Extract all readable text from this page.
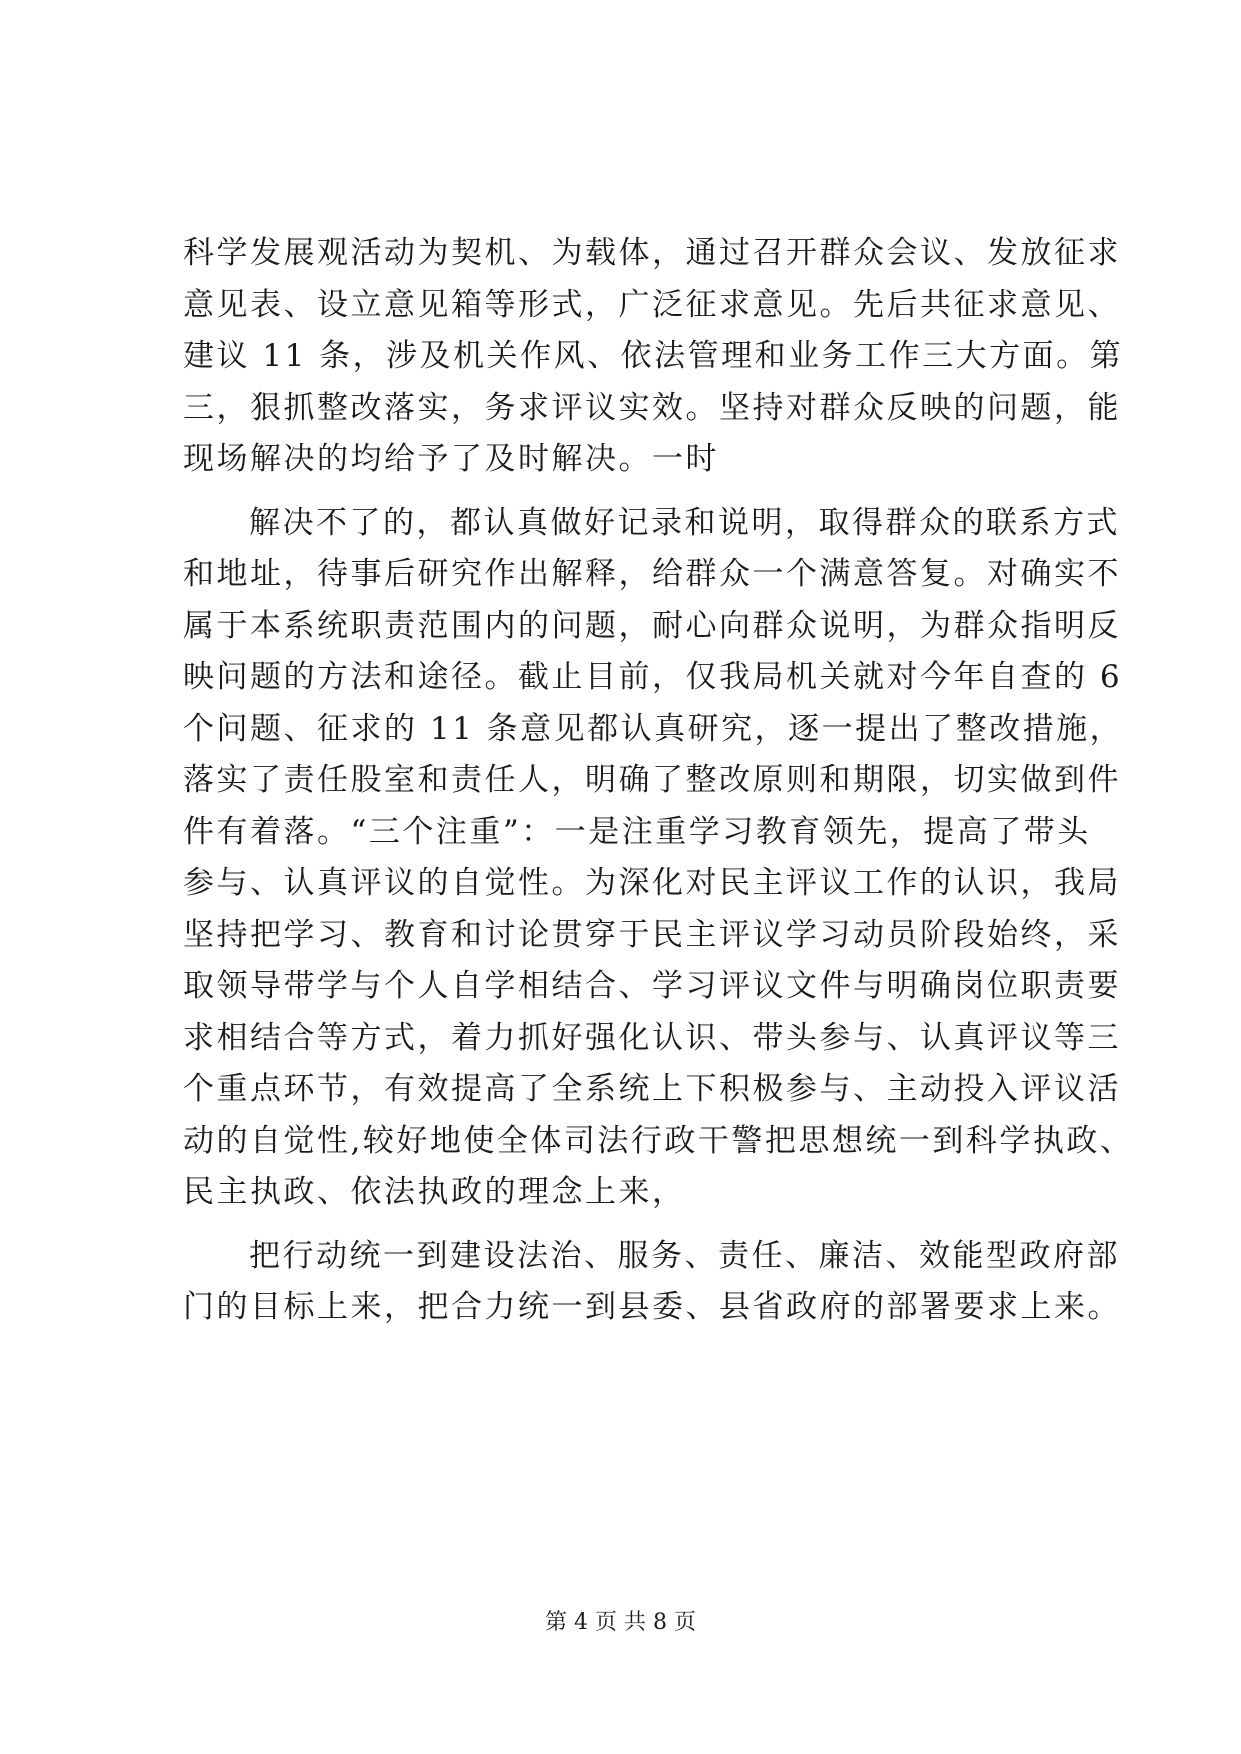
科学发展观活动为契机、为载体，通过召开群众会议、发放征求
意见表、设立意见箱等形式，广泛征求意见。先后共征求意见、
建议 11 条，涉及机关作风、依法管理和业务工作三大方面。第
三，狠抓整改落实，务求评议实效。坚持对群众反映的问题，能
现场解决的均给予了及时解决。一时
解决不了的，都认真做好记录和说明，取得群众的联系方式
和地址，待事后研究作出解释，给群众一个满意答复。对确实不
属于本系统职责范围内的问题，耐心向群众说明，为群众指明反
映问题的方法和途径。截止目前，仅我局机关就对今年自查的 6
个问题、征求的 11 条意见都认真研究，逐一提出了整改措施，
落实了责任股室和责任人，明确了整改原则和期限，切实做到件
件有着落。“三个注重”：一是注重学习教育领先，提高了带头
参与、认真评议的自觉性。为深化对民主评议工作的认识，我局
坚持把学习、教育和讨论贯穿于民主评议学习动员阶段始终，采
取领导带学与个人自学相结合、学习评议文件与明确岗位职责要
求相结合等方式，着力抓好强化认识、带头参与、认真评议等三
个重点环节，有效提高了全系统上下积极参与、主动投入评议活
动的自觉性,较好地使全体司法行政干警把思想统一到科学执政、
民主执政、依法执政的理念上来，
把行动统一到建设法治、服务、责任、廉洁、效能型政府部
门的目标上来，把合力统一到县委、县省政府的部署要求上来。
第 4 页 共 8 页
